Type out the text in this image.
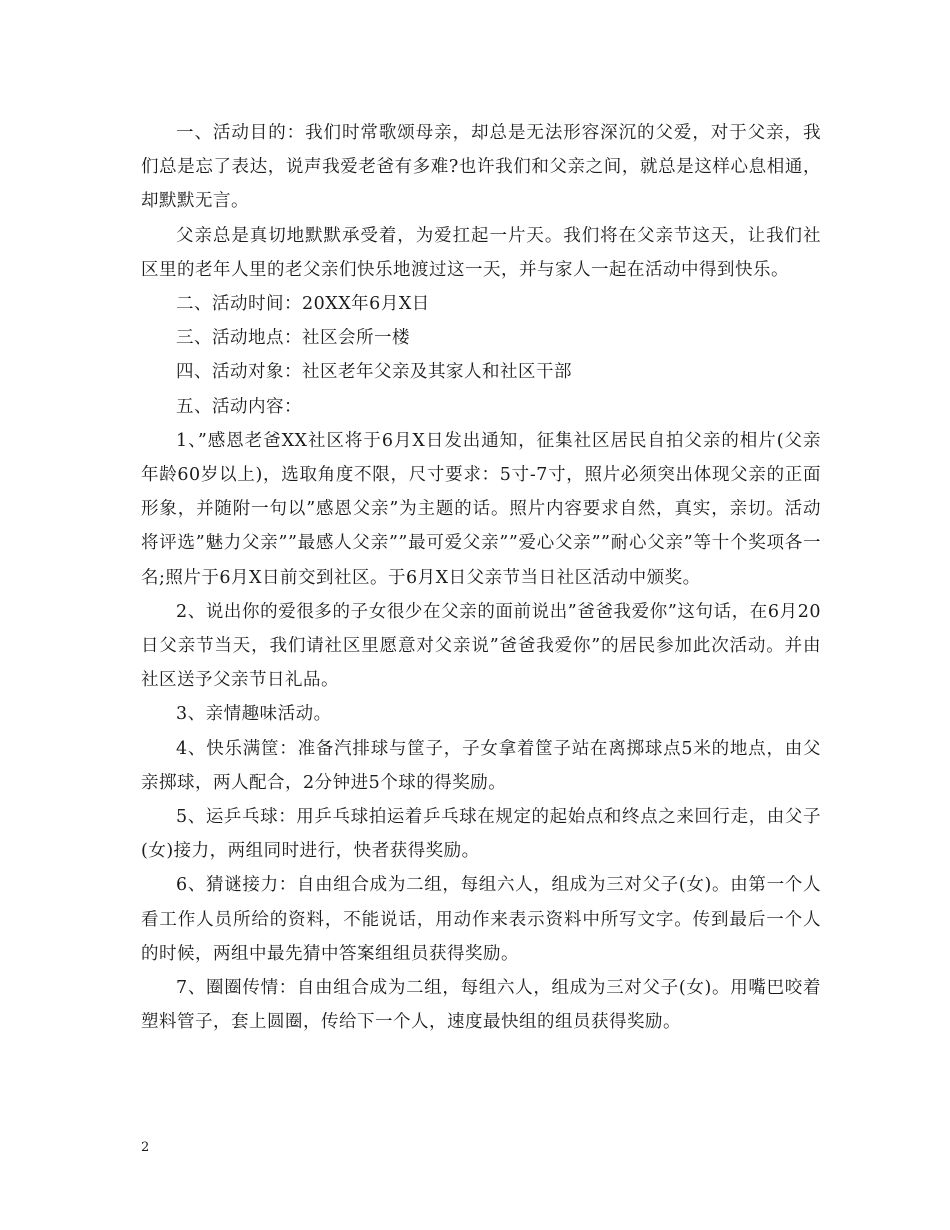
一、活动目的：我们时常歌颂母亲，却总是无法形容深沉的父爱，对于父亲，我们总是忘了表达，说声我爱老爸有多难?也许我们和父亲之间，就总是这样心息相通，却默默无言。

父亲总是真切地默默承受着，为爱扛起一片天。我们将在父亲节这天，让我们社区里的老年人里的老父亲们快乐地渡过这一天，并与家人一起在活动中得到快乐。

二、活动时间：20XX年6月X日

三、活动地点：社区会所一楼

四、活动对象：社区老年父亲及其家人和社区干部

五、活动内容：

1、”感恩老爸XX社区将于6月X日发出通知，征集社区居民自拍父亲的相片(父亲年龄60岁以上)，选取角度不限，尺寸要求：5寸-7寸，照片必须突出体现父亲的正面形象，并随附一句以”感恩父亲”为主题的话。照片内容要求自然，真实，亲切。活动将评选”魅力父亲””最感人父亲””最可爱父亲””爱心父亲””耐心父亲”等十个奖项各一名;照片于6月X日前交到社区。于6月X日父亲节当日社区活动中颁奖。

2、说出你的爱很多的子女很少在父亲的面前说出”爸爸我爱你”这句话，在6月20日父亲节当天，我们请社区里愿意对父亲说”爸爸我爱你”的居民参加此次活动。并由社区送予父亲节日礼品。

3、亲情趣味活动。

4、快乐满筐：准备汽排球与筐子，子女拿着筐子站在离掷球点5米的地点，由父亲掷球，两人配合，2分钟进5个球的得奖励。

5、运乒乓球：用乒乓球拍运着乒乓球在规定的起始点和终点之来回行走，由父子(女)接力，两组同时进行，快者获得奖励。

6、猜谜接力：自由组合成为二组，每组六人，组成为三对父子(女)。由第一个人看工作人员所给的资料，不能说话，用动作来表示资料中所写文字。传到最后一个人的时候，两组中最先猜中答案组组员获得奖励。

7、圈圈传情：自由组合成为二组，每组六人，组成为三对父子(女)。用嘴巴咬着塑料管子，套上圆圈，传给下一个人，速度最快组的组员获得奖励。

2
